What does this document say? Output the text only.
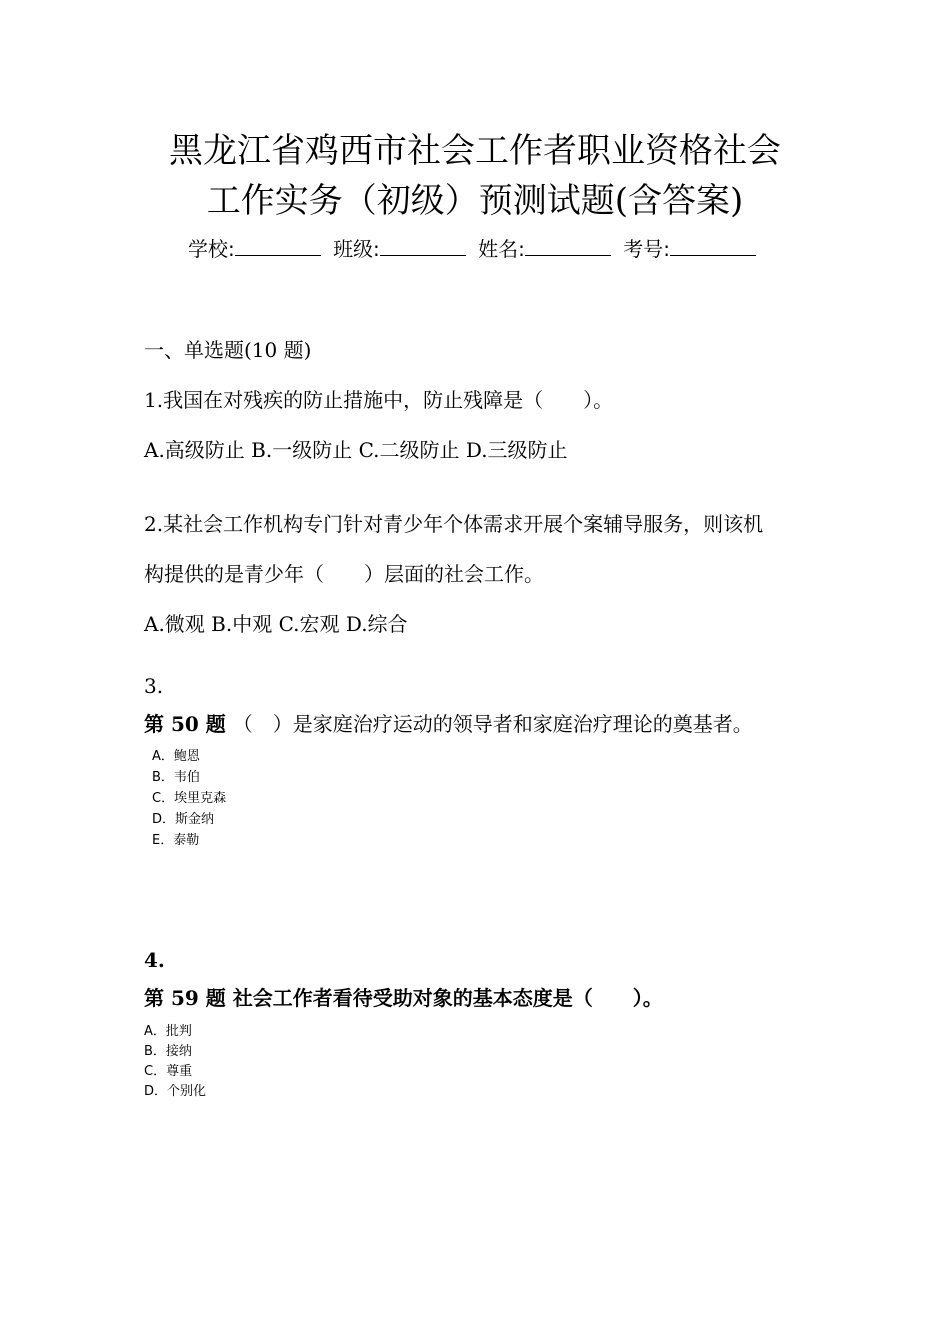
黑龙江省鸡西市社会工作者职业资格社会
工作实务（初级）预测试题(含答案)
学校:	班级:	姓名:	考号:
一、单选题(10 题)
1.我国在对残疾的防止措施中，防止残障是（　　）。
A.高级防止 B.一级防止 C.二级防止 D.三级防止
2.某社会工作机构专门针对青少年个体需求开展个案辅导服务，则该机
构提供的是青少年（　　）层面的社会工作。
A.微观 B.中观 C.宏观 D.综合
3.
第 50 题 （　）是家庭治疗运动的领导者和家庭治疗理论的奠基者。
A．鲍恩
B．韦伯
C．埃里克森
D．斯金纳
E．泰勒
4.
第 59 题 社会工作者看待受助对象的基本态度是（　　）。
A．批判
B．接纳
C．尊重
D．个别化
